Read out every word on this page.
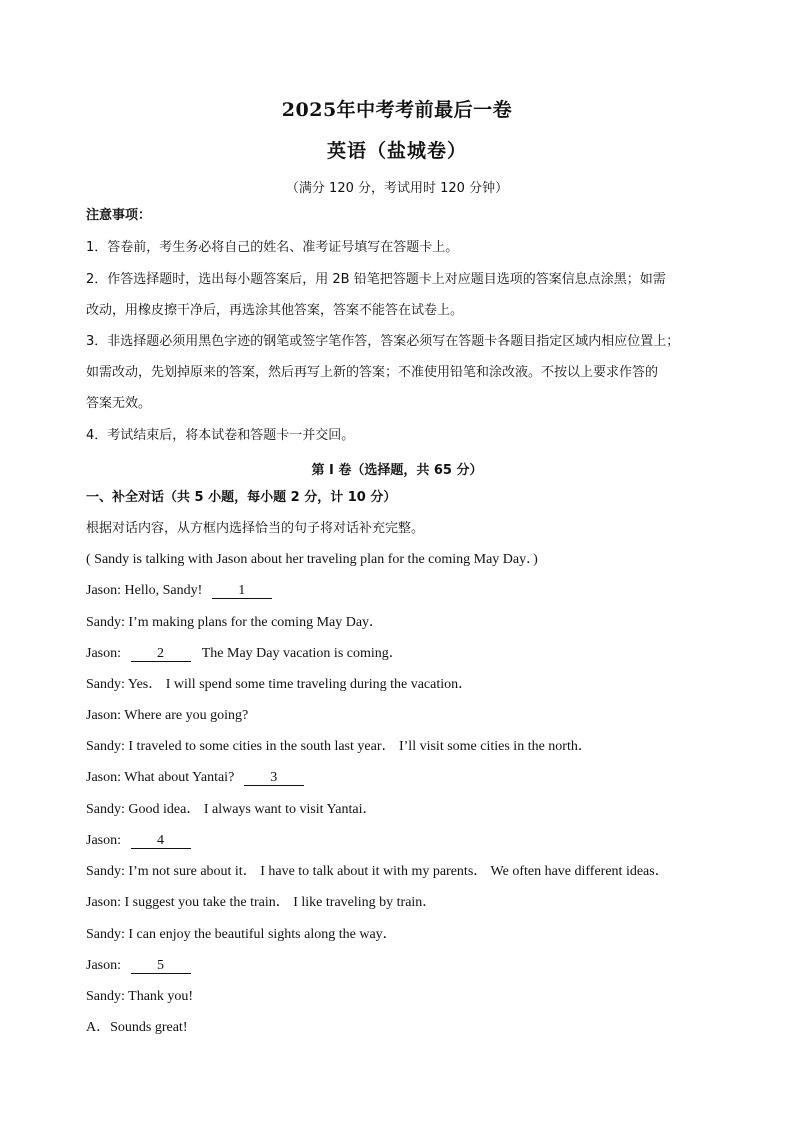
2025年中考考前最后一卷
英语（盐城卷）
（满分 120 分，考试用时 120 分钟）
注意事项：
1．答卷前，考生务必将自己的姓名、准考证号填写在答题卡上。
2．作答选择题时，选出每小题答案后，用 2B 铅笔把答题卡上对应题目选项的答案信息点涂黑；如需
改动，用橡皮擦干净后，再选涂其他答案，答案不能答在试卷上。
3．非选择题必须用黑色字迹的钢笔或签字笔作答，答案必须写在答题卡各题目指定区域内相应位置上；
如需改动，先划掉原来的答案，然后再写上新的答案；不准使用铅笔和涂改液。不按以上要求作答的
答案无效。
4．考试结束后，将本试卷和答题卡一并交回。
第 I 卷（选择题，共 65 分）
一、补全对话（共 5 小题，每小题 2 分，计 10 分）
根据对话内容，从方框内选择恰当的句子将对话补充完整。
( Sandy is talking with Jason about her traveling plan for the coming May Day．)
Jason: Hello, Sandy!	1
Sandy: I’m making plans for the coming May Day．
Jason:	2	The May Day vacation is coming．
Sandy: Yes． I will spend some time traveling during the vacation．
Jason: Where are you going?
Sandy: I traveled to some cities in the south last year． I’ll visit some cities in the north．
Jason: What about Yantai?	3
Sandy: Good idea． I always want to visit Yantai．
Jason:	4
Sandy: I’m not sure about it． I have to talk about it with my parents． We often have different ideas．
Jason: I suggest you take the train． I like traveling by train．
Sandy: I can enjoy the beautiful sights along the way．
Jason:	5
Sandy: Thank you!
A．Sounds great!
